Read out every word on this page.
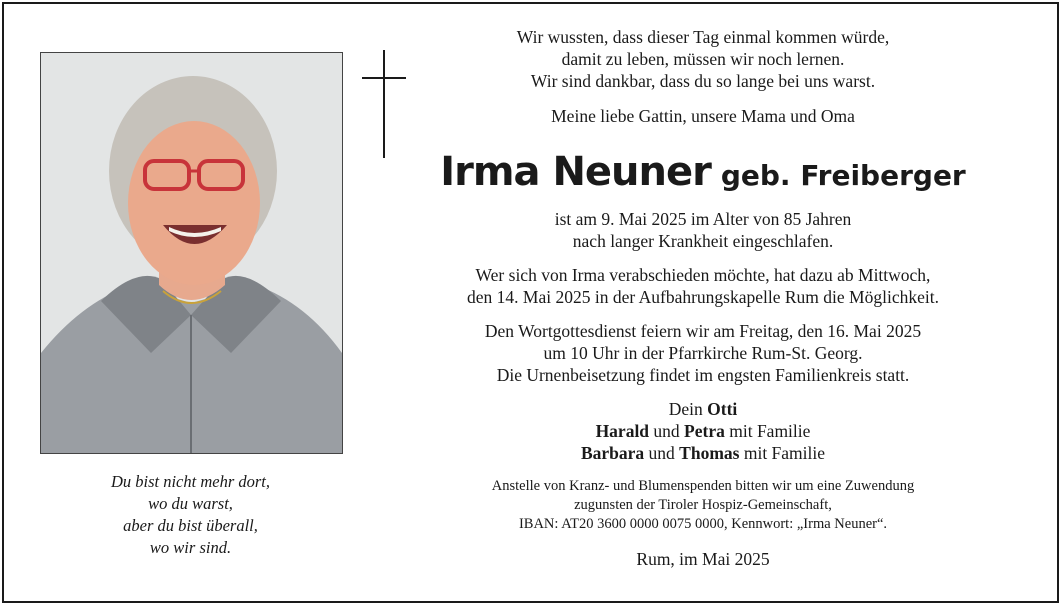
Du bist nicht mehr dort,
wo du warst,
aber du bist überall,
wo wir sind.
Wir wussten, dass dieser Tag einmal kommen würde,
damit zu leben, müssen wir noch lernen.
Wir sind dankbar, dass du so lange bei uns warst.
Meine liebe Gattin, unsere Mama und Oma
Irma Neuner geb. Freiberger
ist am 9. Mai 2025 im Alter von 85 Jahren
nach langer Krankheit eingeschlafen.
Wer sich von Irma verabschieden möchte, hat dazu ab Mittwoch,
den 14. Mai 2025 in der Aufbahrungskapelle Rum die Möglichkeit.
Den Wortgottesdienst feiern wir am Freitag, den 16. Mai 2025
um 10 Uhr in der Pfarrkirche Rum-St. Georg.
Die Urnenbeisetzung findet im engsten Familienkreis statt.
Dein Otti
Harald und Petra mit Familie
Barbara und Thomas mit Familie
Anstelle von Kranz- und Blumenspenden bitten wir um eine Zuwendung
zugunsten der Tiroler Hospiz-Gemeinschaft,
IBAN: AT20 3600 0000 0075 0000, Kennwort: „Irma Neuner“.
Rum, im Mai 2025
